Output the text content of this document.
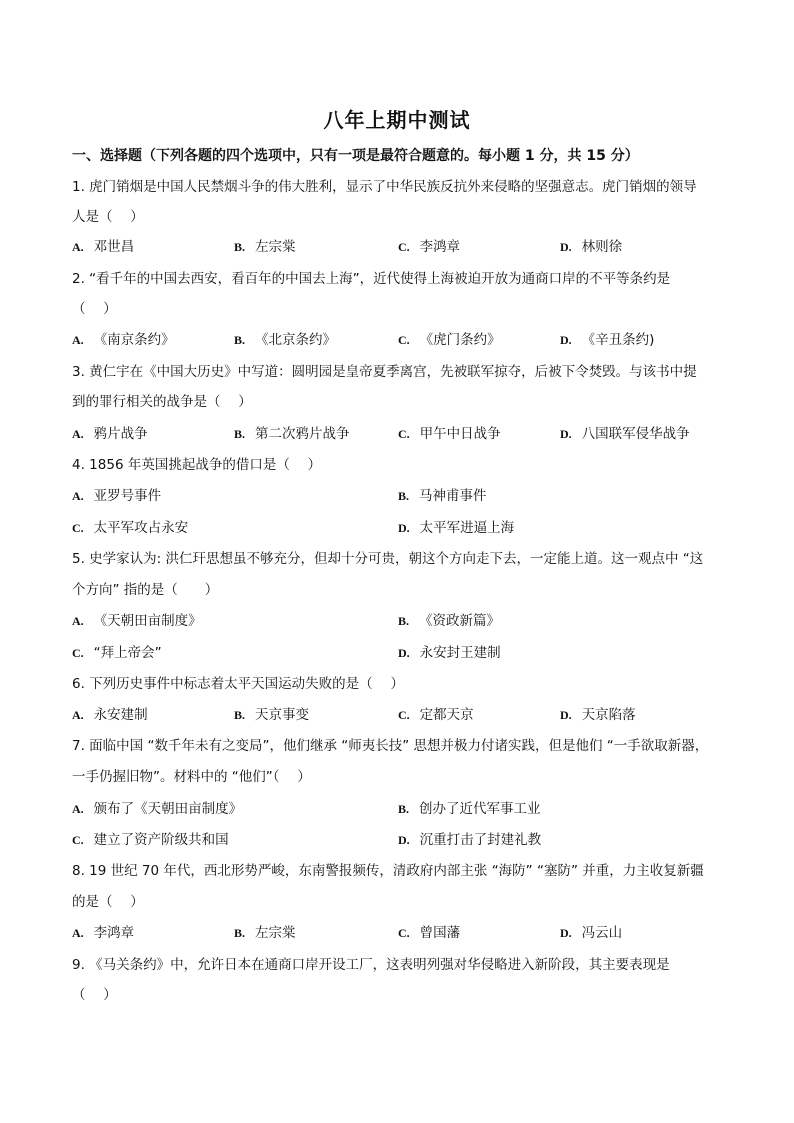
八年上期中测试
一、选择题（下列各题的四个选项中，只有一项是最符合题意的。每小题 1 分，共 15 分）
1. 虎门销烟是中国人民禁烟斗争的伟大胜利，显示了中华民族反抗外来侵略的坚强意志。虎门销烟的领导
人是（　 ）
A. 邓世昌	B. 左宗棠	C. 李鸿章	D. 林则徐
2. “看千年的中国去西安，看百年的中国去上海”，近代使得上海被迫开放为通商口岸的不平等条约是
（　 ）
A. 《南京条约》	B. 《北京条约》	C. 《虎门条约》	D. 《辛丑条约)
3. 黄仁宇在《中国大历史》中写道：圆明园是皇帝夏季离宫，先被联军掠夺，后被下令焚毁。与该书中提
到的罪行相关的战争是（　 ）
A. 鸦片战争	B. 第二次鸦片战争	C. 甲午中日战争	D. 八国联军侵华战争
4. 1856 年英国挑起战争的借口是（　 ）
A. 亚罗号事件	B. 马神甫事件
C. 太平军攻占永安	D. 太平军进逼上海
5. 史学家认为: 洪仁玕思想虽不够充分，但却十分可贵，朝这个方向走下去，一定能上道。这一观点中 “这
个方向” 指的是（　　）
A. 《天朝田亩制度》	B. 《资政新篇》
C. “拜上帝会”	D. 永安封王建制
6. 下列历史事件中标志着太平天国运动失败的是（　 ）
A. 永安建制	B. 天京事变	C. 定都天京	D. 天京陷落
7. 面临中国 “数千年未有之变局”，他们继承 “师夷长技” 思想并极力付诸实践，但是他们 “一手欲取新器，
一手仍握旧物”。材料中的 “他们”（　 ）
A. 颁布了《天朝田亩制度》	B. 创办了近代军事工业
C. 建立了资产阶级共和国	D. 沉重打击了封建礼教
8. 19 世纪 70 年代，西北形势严峻，东南警报频传，清政府内部主张 “海防” “塞防” 并重，力主收复新疆
的是（　 ）
A. 李鸿章	B. 左宗棠	C. 曾国藩	D. 冯云山
9. 《马关条约》中，允许日本在通商口岸开设工厂，这表明列强对华侵略进入新阶段，其主要表现是
（　 ）
